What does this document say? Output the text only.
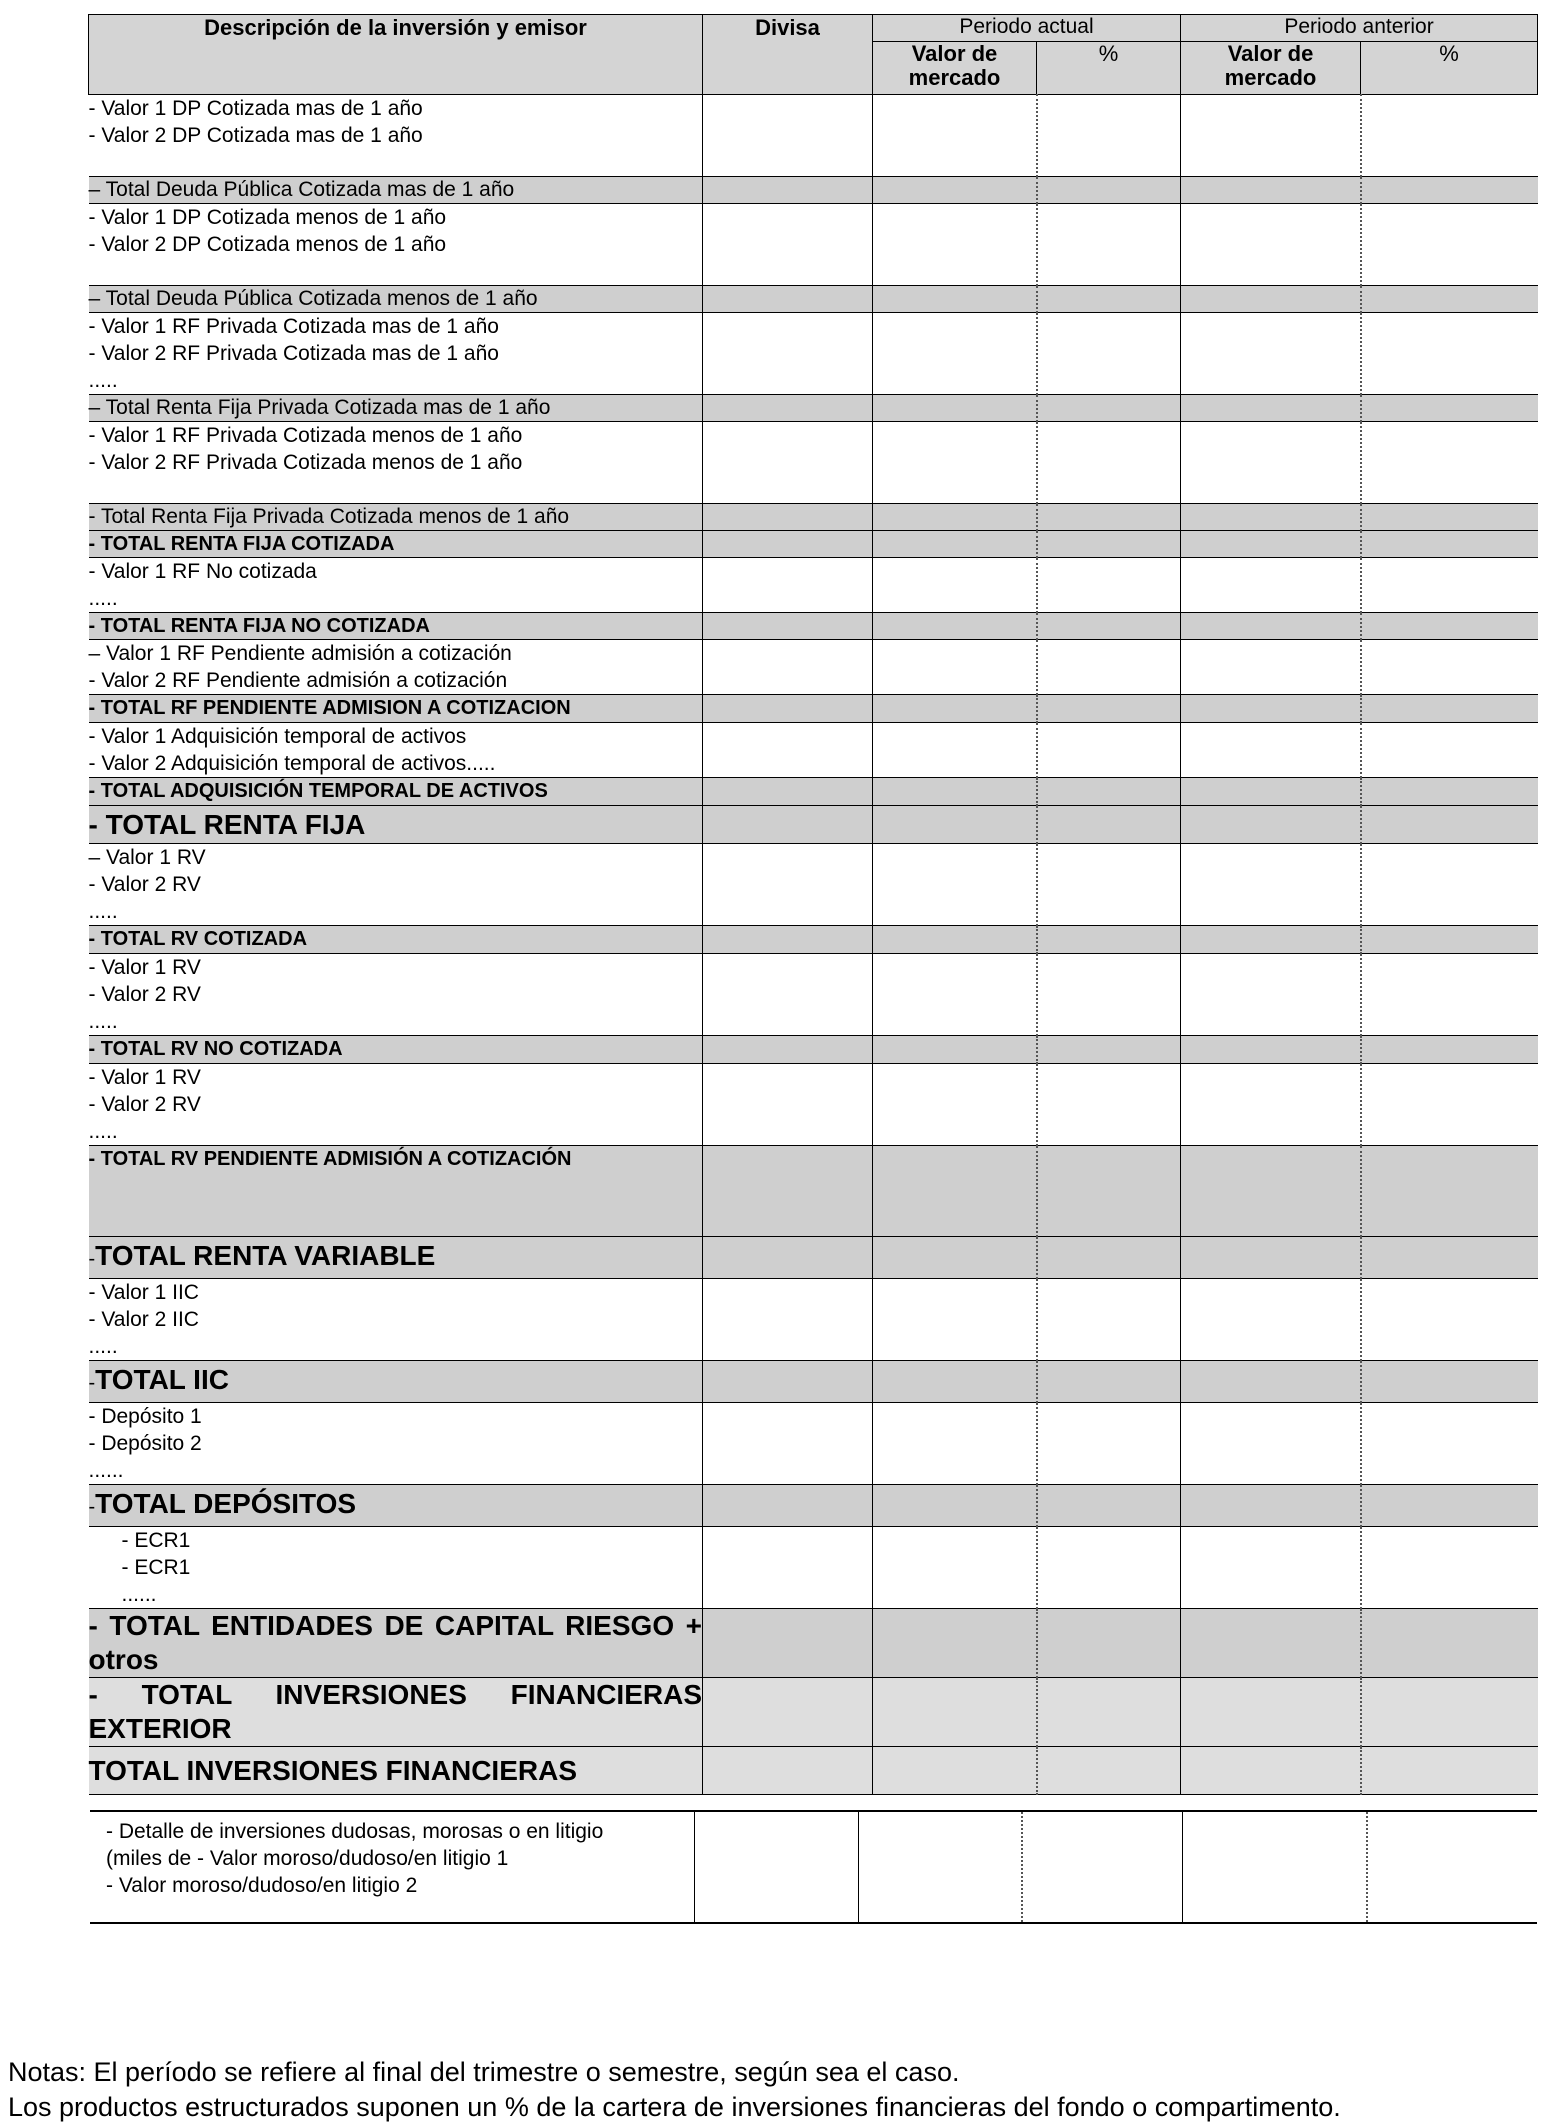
Descripción de la inversión y emisor	Divisa	Periodo actual		Periodo anterior	
		Valor de mercado	%	Valor de mercado	%

- Valor 1 DP Cotizada mas de 1 año
- Valor 2 DP Cotizada mas de 1 año					

– Total Deuda Pública Cotizada mas de 1 año					

- Valor 1 DP Cotizada menos de 1 año
- Valor 2 DP Cotizada menos de 1 año					

– Total Deuda Pública Cotizada menos de 1 año					

- Valor 1 RF Privada Cotizada mas de 1 año
- Valor 2 RF Privada Cotizada mas de 1 año
.....					

– Total Renta Fija Privada Cotizada mas de 1 año					

- Valor 1 RF Privada Cotizada menos de 1 año
- Valor 2 RF Privada Cotizada menos de 1 año					

- Total Renta Fija Privada Cotizada menos de 1 año					
- TOTAL RENTA FIJA COTIZADA					

- Valor 1 RF No cotizada
.....					

- TOTAL RENTA FIJA NO COTIZADA					

– Valor 1 RF Pendiente admisión a cotización
- Valor 2 RF Pendiente admisión a cotización					

- TOTAL RF PENDIENTE ADMISION A COTIZACION					

- Valor 1 Adquisición temporal de activos
- Valor 2 Adquisición temporal de activos.....					

- TOTAL ADQUISICIÓN TEMPORAL DE ACTIVOS					
- TOTAL RENTA FIJA					

– Valor 1 RV
- Valor 2 RV
.....					

- TOTAL RV COTIZADA					

- Valor 1 RV
- Valor 2 RV
.....					

- TOTAL RV NO COTIZADA					

- Valor 1 RV
- Valor 2 RV
.....					

- TOTAL RV PENDIENTE ADMISIÓN A COTIZACIÓN					
-TOTAL RENTA VARIABLE					

- Valor 1 IIC
- Valor 2 IIC
.....					

-TOTAL IIC					

- Depósito 1
- Depósito 2
......					

-TOTAL DEPÓSITOS					

- ECR1
- ECR1
......					

- TOTAL ENTIDADES DE CAPITAL RIESGO + otros					
- TOTAL INVERSIONES FINANCIERAS EXTERIOR					
TOTAL INVERSIONES FINANCIERAS					
- Detalle de inversiones dudosas, morosas o en litigio
(miles de - Valor moroso/dudoso/en litigio 1
- Valor moroso/dudoso/en litigio 2

Notas: El período se refiere al final del trimestre o semestre, según sea el caso.
Los productos estructurados suponen un % de la cartera de inversiones financieras del fondo o compartimento.
